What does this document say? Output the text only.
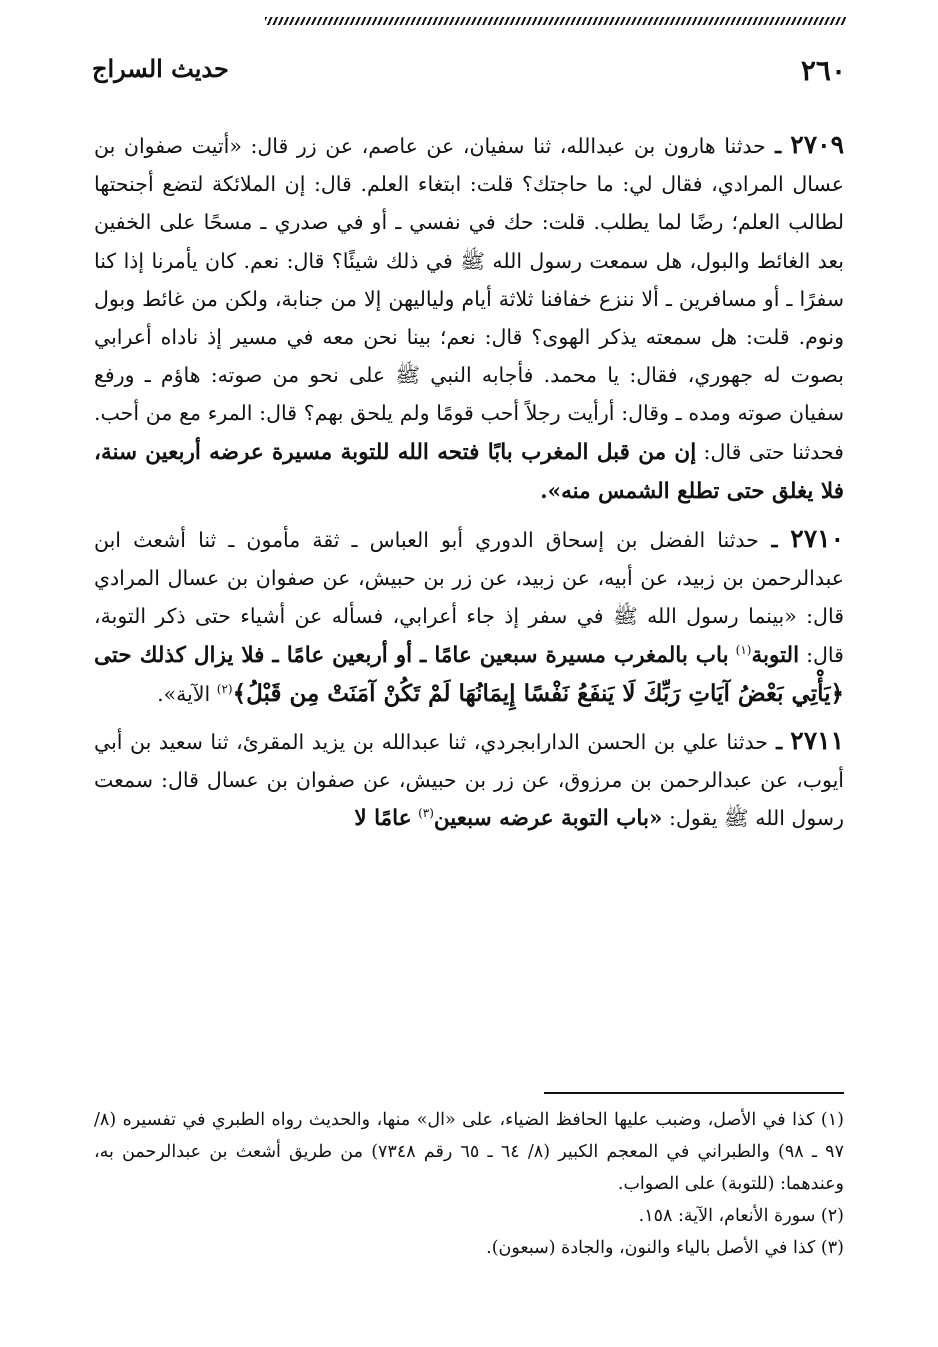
٢٦٠
حديث السراج

٢٧٠٩ ـ حدثنا هارون بن عبدالله، ثنا سفيان، عن عاصم، عن زر قال: «أتيت صفوان بن عسال المرادي، فقال لي: ما حاجتك؟ قلت: ابتغاء العلم. قال: إن الملائكة لتضع أجنحتها لطالب العلم؛ رضًا لما يطلب. قلت: حك في نفسي ـ أو في صدري ـ مسحًا على الخفين بعد الغائط والبول، هل سمعت رسول الله ﷺ في ذلك شيئًا؟ قال: نعم. كان يأمرنا إذا كنا سفرًا ـ أو مسافرين ـ ألا ننزع خفافنا ثلاثة أيام ولياليهن إلا من جنابة، ولكن من غائط وبول ونوم. قلت: هل سمعته يذكر الهوى؟ قال: نعم؛ بينا نحن معه في مسير إذ ناداه أعرابي بصوت له جهوري، فقال: يا محمد. فأجابه النبي ﷺ على نحو من صوته: هاؤم ـ ورفع سفيان صوته ومده ـ وقال: أرأيت رجلاً أحب قومًا ولم يلحق بهم؟ قال: المرء مع من أحب. فحدثنا حتى قال: إن من قبل المغرب بابًا فتحه الله للتوبة مسيرة عرضه أربعين سنة، فلا يغلق حتى تطلع الشمس منه».

٢٧١٠ ـ حدثنا الفضل بن إسحاق الدوري أبو العباس ـ ثقة مأمون ـ ثنا أشعث ابن عبدالرحمن بن زبيد، عن أبيه، عن زبيد، عن زر بن حبيش، عن صفوان بن عسال المرادي قال: «بينما رسول الله ﷺ في سفر إذ جاء أعرابي، فسأله عن أشياء حتى ذكر التوبة، قال: التوبة$^{(١)}$ باب بالمغرب مسيرة سبعين عامًا ـ أو أربعين عامًا ـ فلا يزال كذلك حتى ﴿يَأْتِي بَعْضُ آيَاتِ رَبِّكَ لَا يَنفَعُ نَفْسًا إِيمَانُهَا لَمْ تَكُنْ آمَنَتْ مِن قَبْلُ﴾$^{(٢)}$ الآية».

٢٧١١ ـ حدثنا علي بن الحسن الدارابجردي، ثنا عبدالله بن يزيد المقرئ، ثنا سعيد بن أبي أيوب، عن عبدالرحمن بن مرزوق، عن زر بن حبيش، عن صفوان بن عسال قال: سمعت رسول الله ﷺ يقول: «باب التوبة عرضه سبعين$^{(٣)}$ عامًا لا

(١) كذا في الأصل، وضبب عليها الحافظ الضياء، على «ال» منها، والحديث رواه الطبري في تفسيره (٨/ ٩٧ ـ ٩٨) والطبراني في المعجم الكبير (٨/ ٦٤ ـ ٦٥ رقم ٧٣٤٨) من طريق أشعث بن عبدالرحمن به، وعندهما: (للتوبة) على الصواب.

(٢) سورة الأنعام، الآية: ١٥٨.

(٣) كذا في الأصل بالياء والنون، والجادة (سبعون).
